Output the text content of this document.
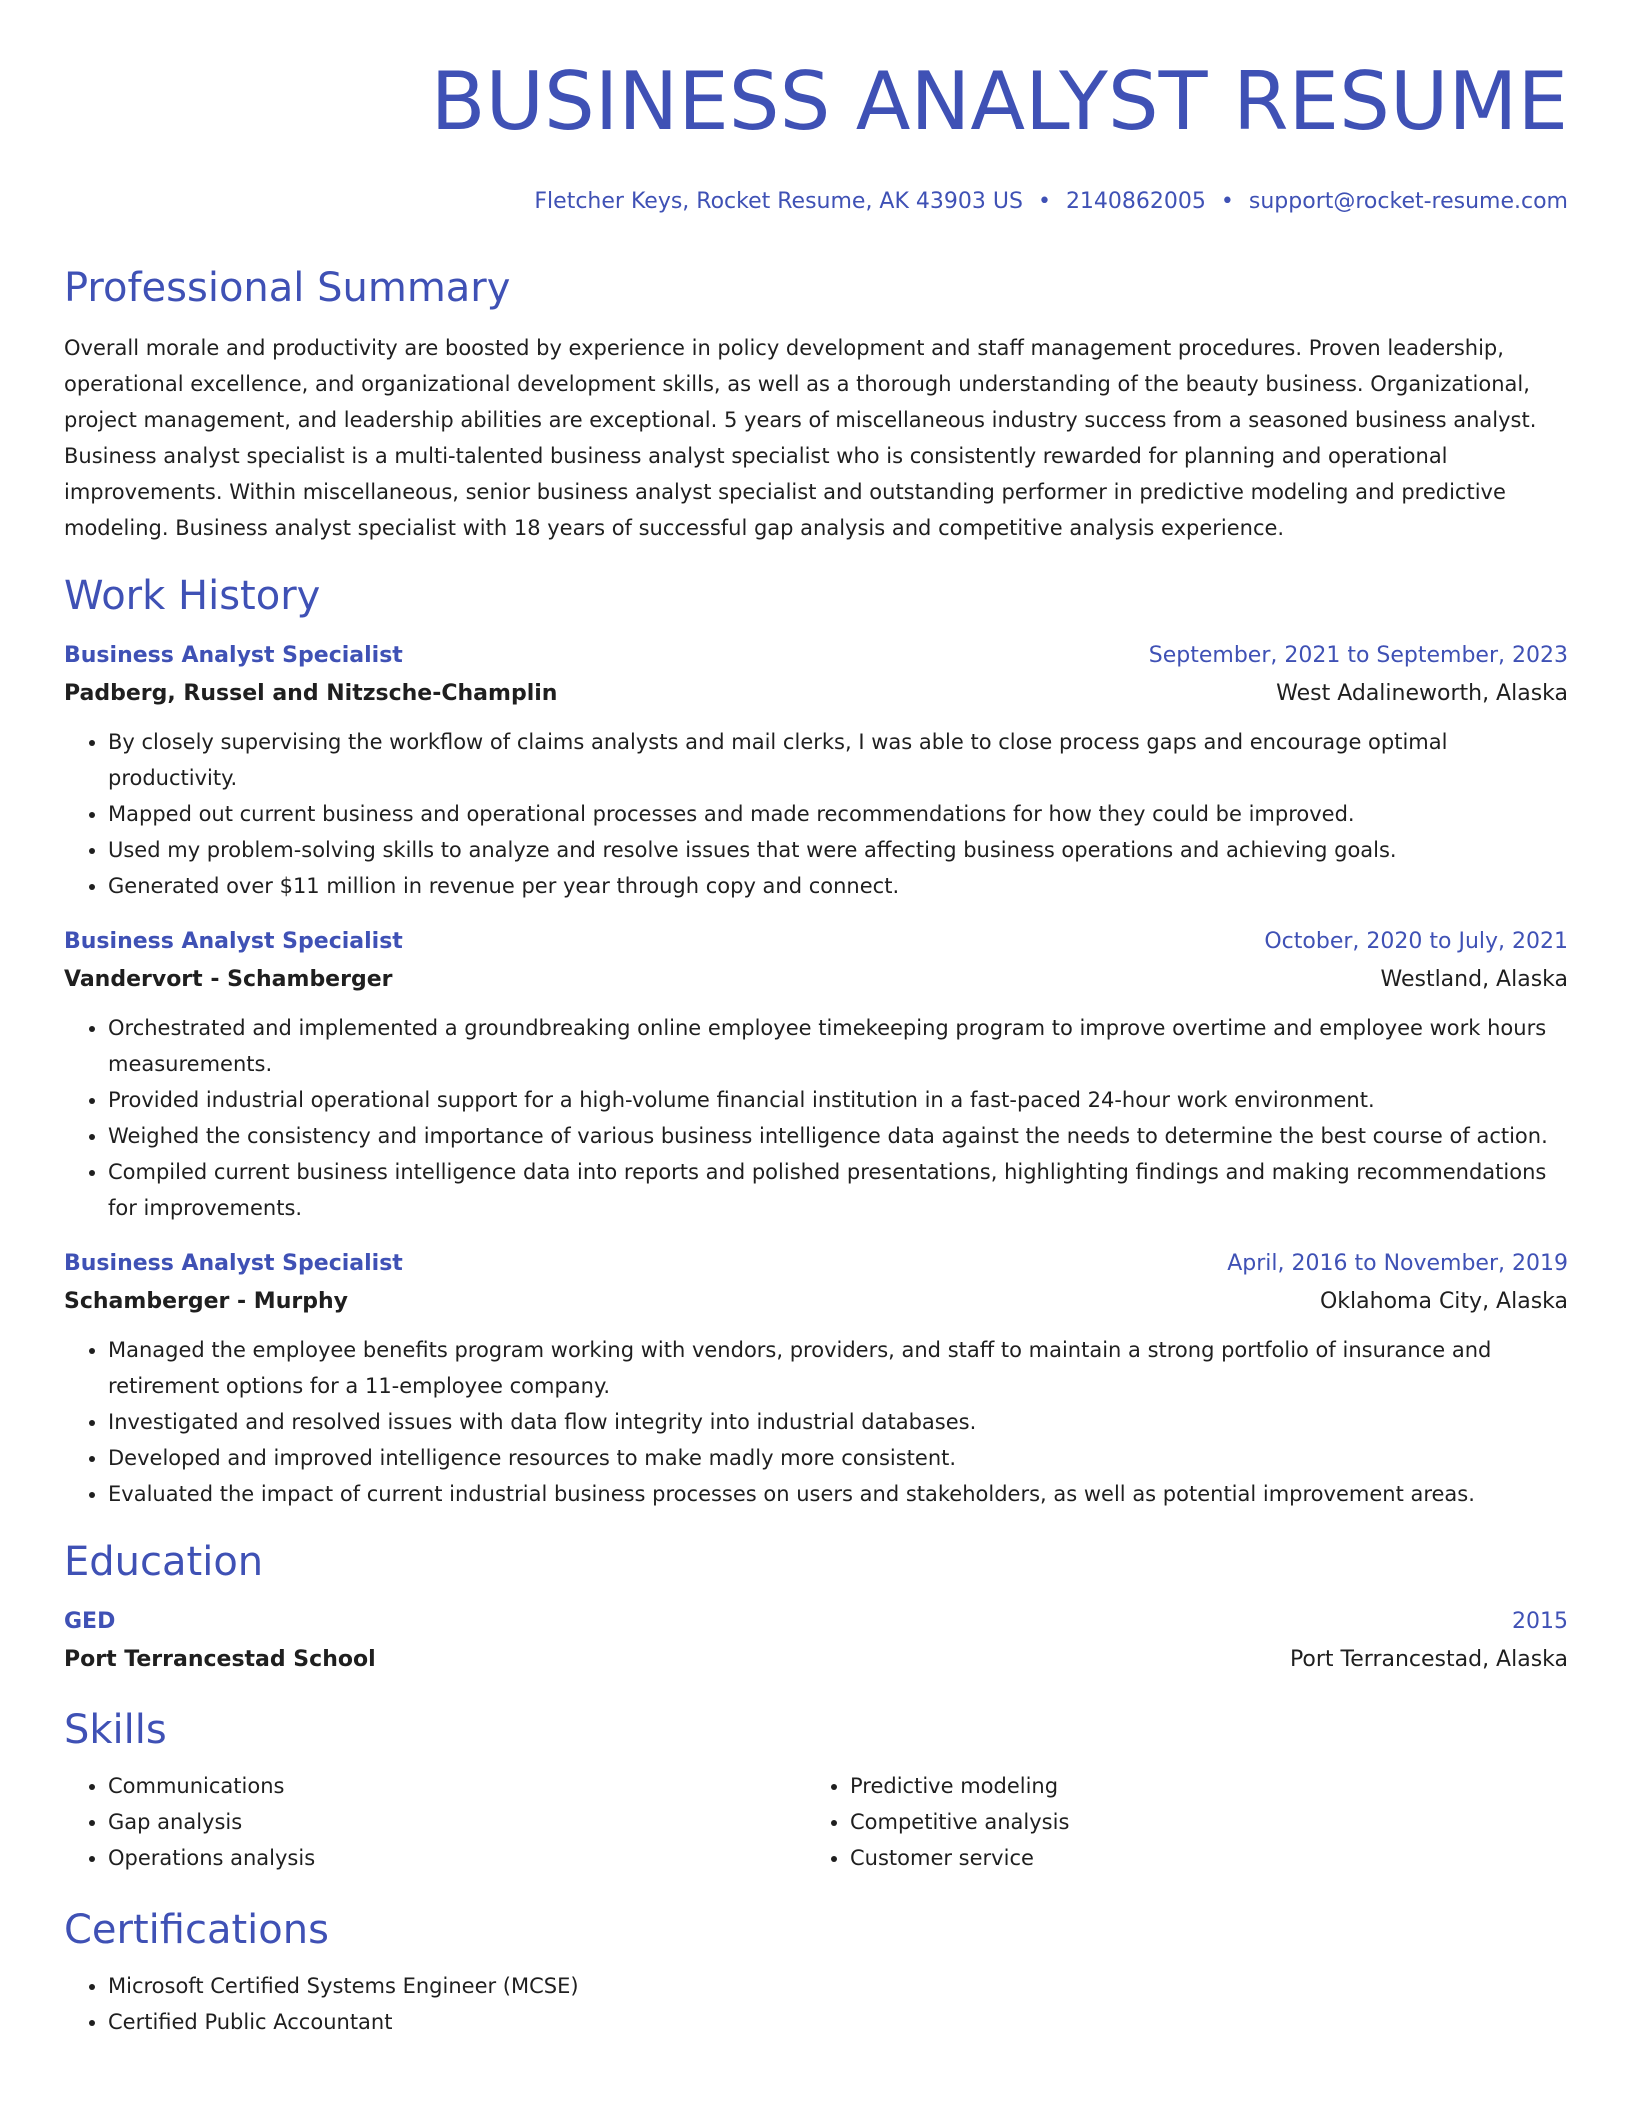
BUSINESS ANALYST RESUME
Fletcher Keys, Rocket Resume, AK 43903 US • 2140862005 • support@rocket-resume.com
Professional Summary

Overall morale and productivity are boosted by experience in policy development and staff management procedures. Proven leadership, operational excellence, and organizational development skills, as well as a thorough understanding of the beauty business. Organizational, project management, and leadership abilities are exceptional. 5 years of miscellaneous industry success from a seasoned business analyst. Business analyst specialist is a multi-talented business analyst specialist who is consistently rewarded for planning and operational improvements. Within miscellaneous, senior business analyst specialist and outstanding performer in predictive modeling and predictive modeling. Business analyst specialist with 18 years of successful gap analysis and competitive analysis experience.

Work History
Business Analyst Specialist	September, 2021 to September, 2023
Padberg, Russel and Nitzsche-Champlin	West Adalineworth, Alaska
• By closely supervising the workflow of claims analysts and mail clerks, I was able to close process gaps and encourage optimal productivity.
• Mapped out current business and operational processes and made recommendations for how they could be improved.
• Used my problem-solving skills to analyze and resolve issues that were affecting business operations and achieving goals.
• Generated over $11 million in revenue per year through copy and connect.
Business Analyst Specialist	October, 2020 to July, 2021
Vandervort - Schamberger	Westland, Alaska
• Orchestrated and implemented a groundbreaking online employee timekeeping program to improve overtime and employee work hours measurements.
• Provided industrial operational support for a high-volume financial institution in a fast-paced 24-hour work environment.
• Weighed the consistency and importance of various business intelligence data against the needs to determine the best course of action.
• Compiled current business intelligence data into reports and polished presentations, highlighting findings and making recommendations for improvements.
Business Analyst Specialist	April, 2016 to November, 2019
Schamberger - Murphy	Oklahoma City, Alaska
• Managed the employee benefits program working with vendors, providers, and staff to maintain a strong portfolio of insurance and retirement options for a 11-employee company.
• Investigated and resolved issues with data flow integrity into industrial databases.
• Developed and improved intelligence resources to make madly more consistent.
• Evaluated the impact of current industrial business processes on users and stakeholders, as well as potential improvement areas.
Education
GED	2015
Port Terrancestad School	Port Terrancestad, Alaska
Skills
• Communications
• Gap analysis
• Operations analysis
• Predictive modeling
• Competitive analysis
• Customer service
Certifications
• Microsoft Certified Systems Engineer (MCSE)
• Certified Public Accountant
